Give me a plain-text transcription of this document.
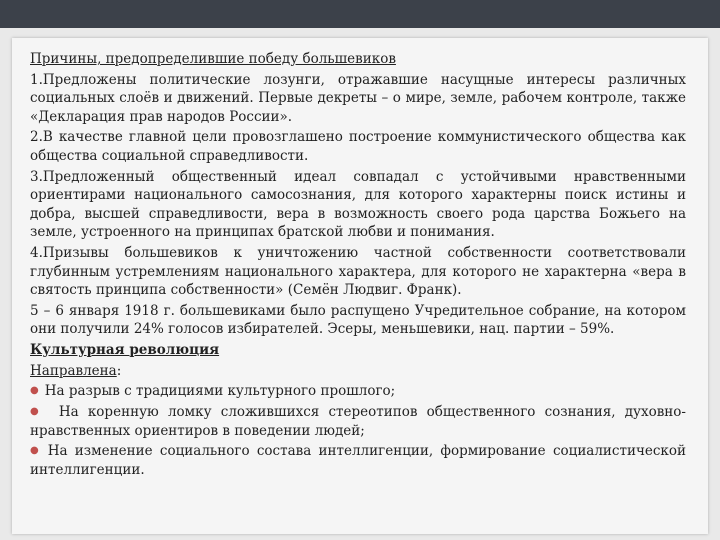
Причины, предопределившие победу большевиков
1.Предложены политические лозунги, отражавшие насущные интересы различных социальных слоёв и движений. Первые декреты – о мире, земле, рабочем контроле, также «Декларация прав народов России».
2.В качестве главной цели провозглашено построение коммунистического общества как общества социальной справедливости.
3.Предложенный общественный идеал совпадал с устойчивыми нравственными ориентирами национального самосознания, для которого характерны поиск истины и добра, высшей справедливости, вера в возможность своего рода царства Божьего на земле, устроенного на принципах братской любви и понимания.
4.Призывы большевиков к уничтожению частной собственности соответствовали глубинным устремлениям национального характера, для которого не характерна «вера в святость принципа собственности» (Семён Людвиг. Франк).
5 – 6 января 1918 г. большевиками было распущено Учредительное собрание, на котором они получили 24% голосов избирателей. Эсеры, меньшевики, нац. партии – 59%.
Культурная революция
Направлена:
● На разрыв с традициями культурного прошлого;
● На коренную ломку сложившихся стереотипов общественного сознания, духовно-нравственных ориентиров в поведении людей;
● На изменение социального состава интеллигенции, формирование социалистической интеллигенции.
